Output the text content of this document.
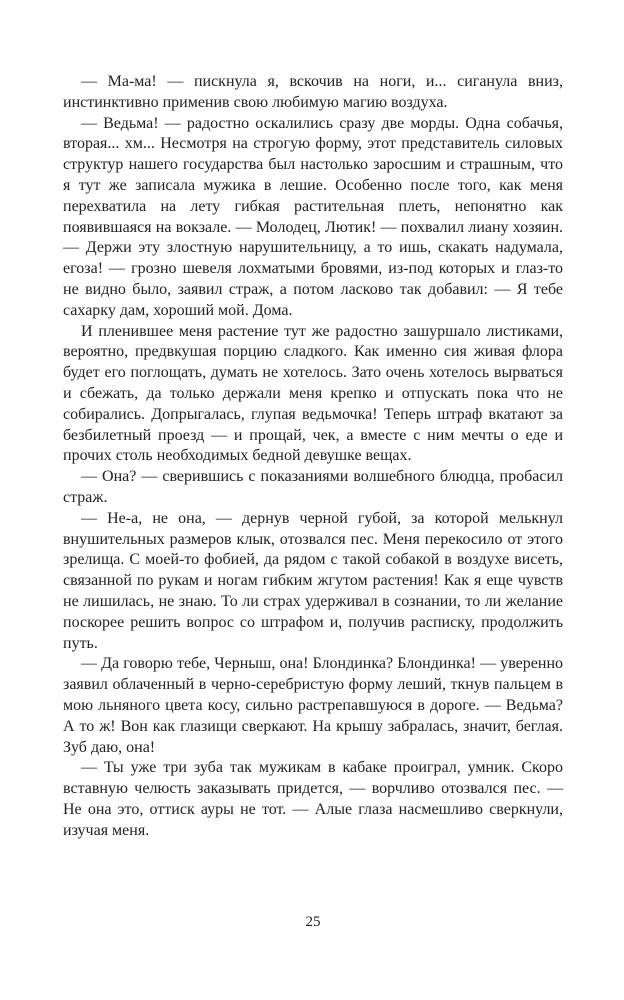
— Ма-ма! — пискнула я, вскочив на ноги, и... сиганула вниз, инстинктивно применив свою любимую магию воздуха.

— Ведьма! — радостно оскалились сразу две морды. Одна собачья, вторая... хм... Несмотря на строгую форму, этот представитель силовых структур нашего государства был настолько заросшим и страшным, что я тут же записала мужика в лешие. Особенно после того, как меня перехватила на лету гибкая растительная плеть, непонятно как появившаяся на вокзале. — Молодец, Лютик! — похвалил лиану хозяин. — Держи эту злостную нарушительницу, а то ишь, скакать надумала, егоза! — грозно шевеля лохматыми бровями, из-под которых и глаз-то не видно было, заявил страж, а потом ласково так добавил: — Я тебе сахарку дам, хороший мой. Дома.

И пленившее меня растение тут же радостно зашуршало листиками, вероятно, предвкушая порцию сладкого. Как именно сия живая флора будет его поглощать, думать не хотелось. Зато очень хотелось вырваться и сбежать, да только держали меня крепко и отпускать пока что не собирались. Допрыгалась, глупая ведьмочка! Теперь штраф вкатают за безбилетный проезд — и прощай, чек, а вместе с ним мечты о еде и прочих столь необходимых бедной девушке вещах.

— Она? — сверившись с показаниями волшебного блюдца, пробасил страж.

— Не-а, не она, — дернув черной губой, за которой мелькнул внушительных размеров клык, отозвался пес. Меня перекосило от этого зрелища. С моей-то фобией, да рядом с такой собакой в воздухе висеть, связанной по рукам и ногам гибким жгутом растения! Как я еще чувств не лишилась, не знаю. То ли страх удерживал в сознании, то ли желание поскорее решить вопрос со штрафом и, получив расписку, продолжить путь.

— Да говорю тебе, Черныш, она! Блондинка? Блондинка! — уверенно заявил облаченный в черно-серебристую форму леший, ткнув пальцем в мою льняного цвета косу, сильно растрепавшуюся в дороге. — Ведьма? А то ж! Вон как глазищи сверкают. На крышу забралась, значит, беглая. Зуб даю, она!

— Ты уже три зуба так мужикам в кабаке проиграл, умник. Скоро вставную челюсть заказывать придется, — ворчливо отозвался пес. — Не она это, оттиск ауры не тот. — Алые глаза насмешливо сверкнули, изучая меня.

25
